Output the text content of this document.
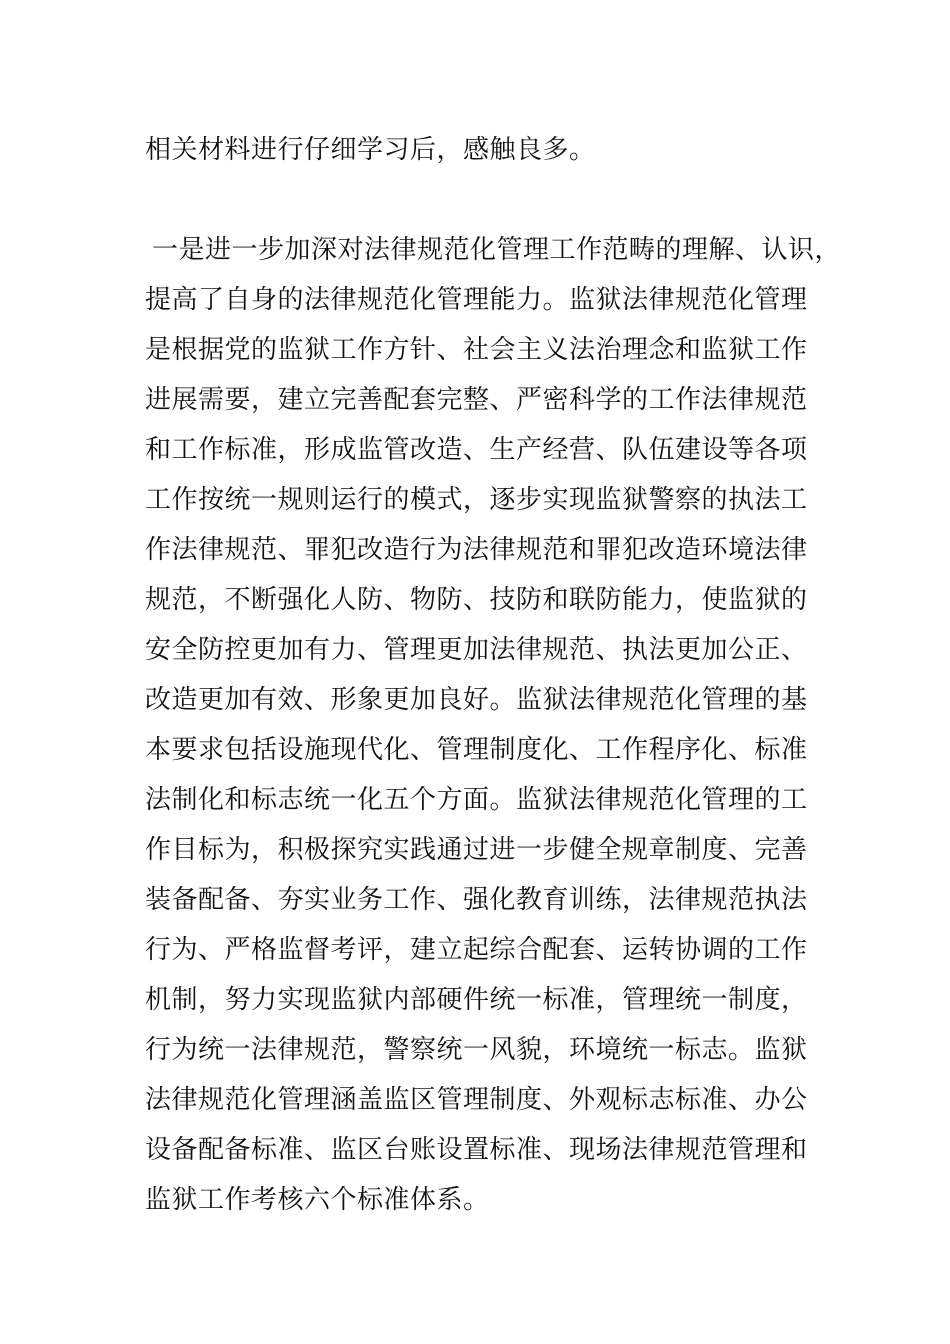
相关材料进行仔细学习后，感触良多。
一是进一步加深对法律规范化管理工作范畴的理解、认识，
提高了自身的法律规范化管理能力。监狱法律规范化管理
是根据党的监狱工作方针、社会主义法治理念和监狱工作
进展需要，建立完善配套完整、严密科学的工作法律规范
和工作标准，形成监管改造、生产经营、队伍建设等各项
工作按统一规则运行的模式，逐步实现监狱警察的执法工
作法律规范、罪犯改造行为法律规范和罪犯改造环境法律
规范，不断强化人防、物防、技防和联防能力，使监狱的
安全防控更加有力、管理更加法律规范、执法更加公正、
改造更加有效、形象更加良好。监狱法律规范化管理的基
本要求包括设施现代化、管理制度化、工作程序化、标准
法制化和标志统一化五个方面。监狱法律规范化管理的工
作目标为，积极探究实践通过进一步健全规章制度、完善
装备配备、夯实业务工作、强化教育训练，法律规范执法
行为、严格监督考评，建立起综合配套、运转协调的工作
机制，努力实现监狱内部硬件统一标准，管理统一制度，
行为统一法律规范，警察统一风貌，环境统一标志。监狱
法律规范化管理涵盖监区管理制度、外观标志标准、办公
设备配备标准、监区台账设置标准、现场法律规范管理和
监狱工作考核六个标准体系。
